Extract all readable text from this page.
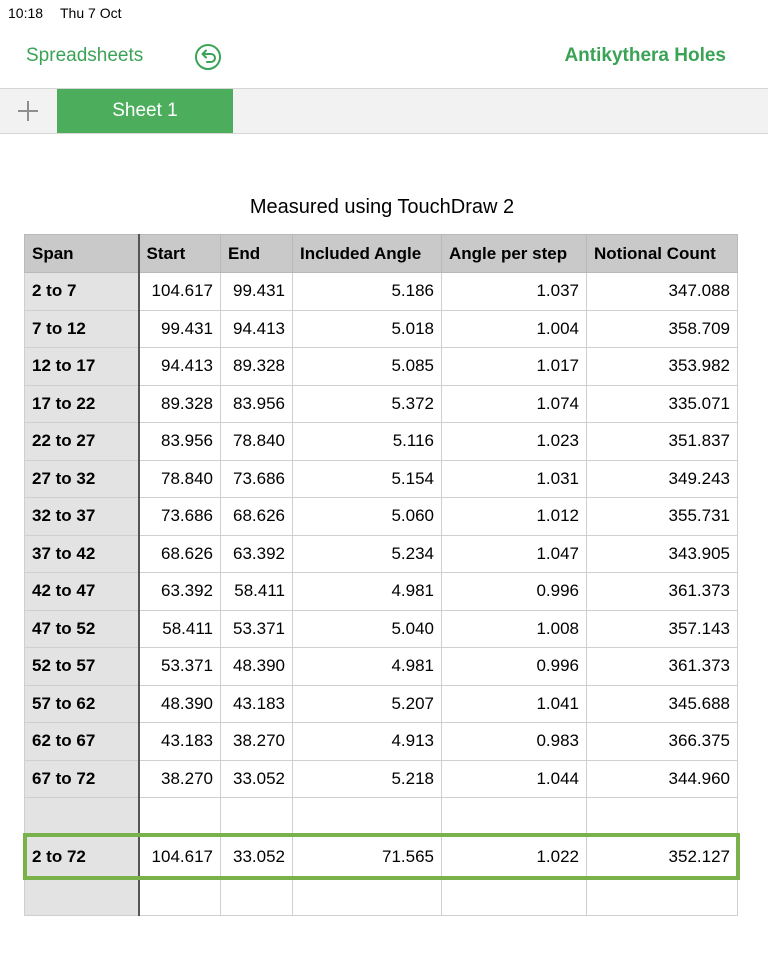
10:18 Thu 7 Oct
Spreadsheets	Antikythera Holes
Sheet 1
Measured using TouchDraw 2
Span	Start	End	Included Angle	Angle per step	Notional Count
2 to 7	104.617	99.431	5.186	1.037	347.088
7 to 12	99.431	94.413	5.018	1.004	358.709
12 to 17	94.413	89.328	5.085	1.017	353.982
17 to 22	89.328	83.956	5.372	1.074	335.071
22 to 27	83.956	78.840	5.116	1.023	351.837
27 to 32	78.840	73.686	5.154	1.031	349.243
32 to 37	73.686	68.626	5.060	1.012	355.731
37 to 42	68.626	63.392	5.234	1.047	343.905
42 to 47	63.392	58.411	4.981	0.996	361.373
47 to 52	58.411	53.371	5.040	1.008	357.143
52 to 57	53.371	48.390	4.981	0.996	361.373
57 to 62	48.390	43.183	5.207	1.041	345.688
62 to 67	43.183	38.270	4.913	0.983	366.375
67 to 72	38.270	33.052	5.218	1.044	344.960

2 to 72	104.617	33.052	71.565	1.022	352.127
